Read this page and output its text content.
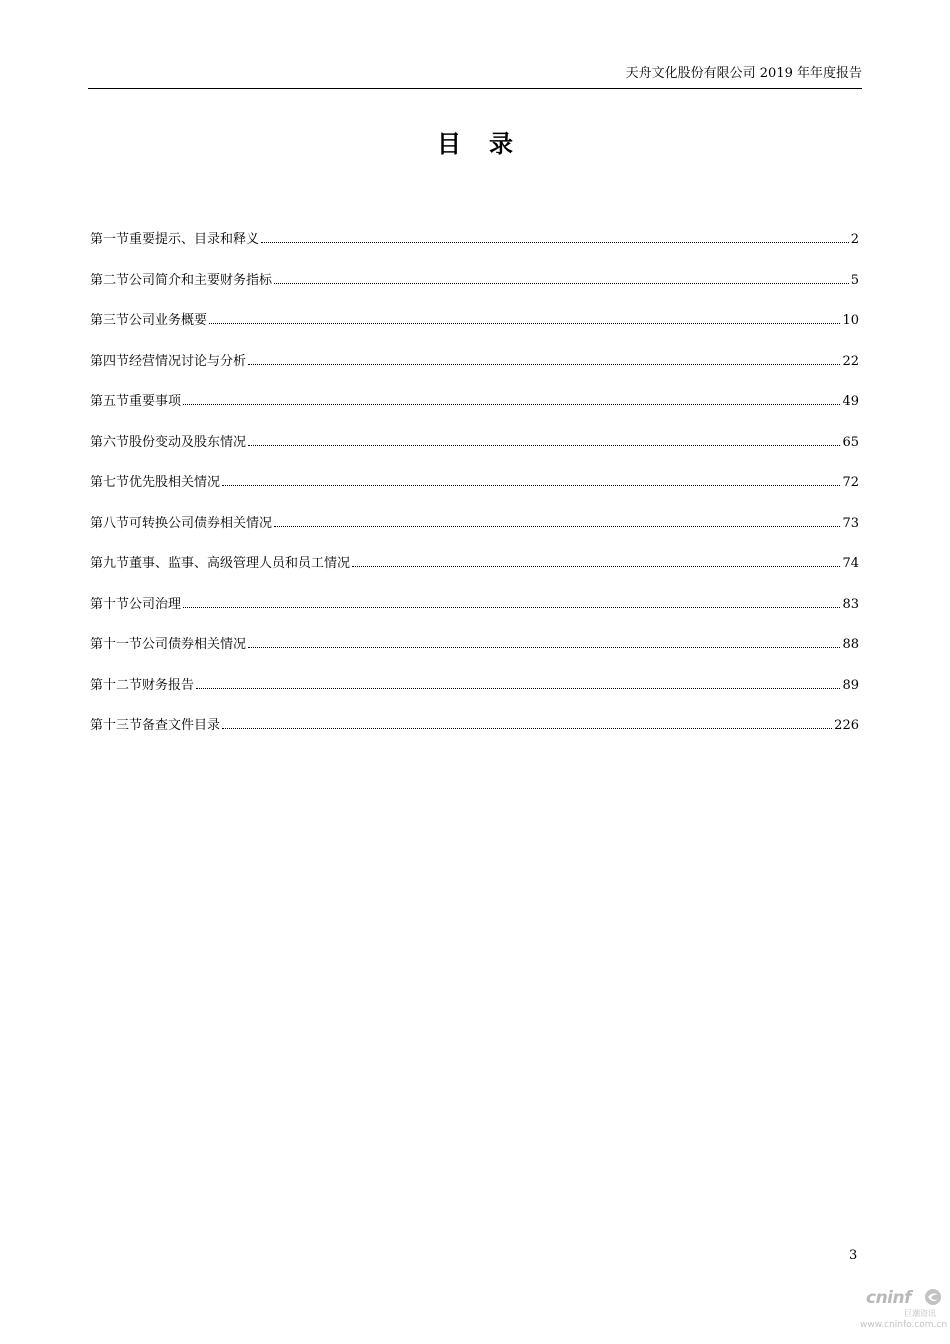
天舟文化股份有限公司 2019 年年度报告
目录
第一节重要提示、目录和释义	2
第二节公司简介和主要财务指标	5
第三节公司业务概要	10
第四节经营情况讨论与分析	22
第五节重要事项	49
第六节股份变动及股东情况	65
第七节优先股相关情况	72
第八节可转换公司债券相关情况	73
第九节董事、监事、高级管理人员和员工情况	74
第十节公司治理	83
第十一节公司债券相关情况	88
第十二节财务报告	89
第十三节备查文件目录	226
3
cninf
巨潮资讯
www.cninfo.com.cn
